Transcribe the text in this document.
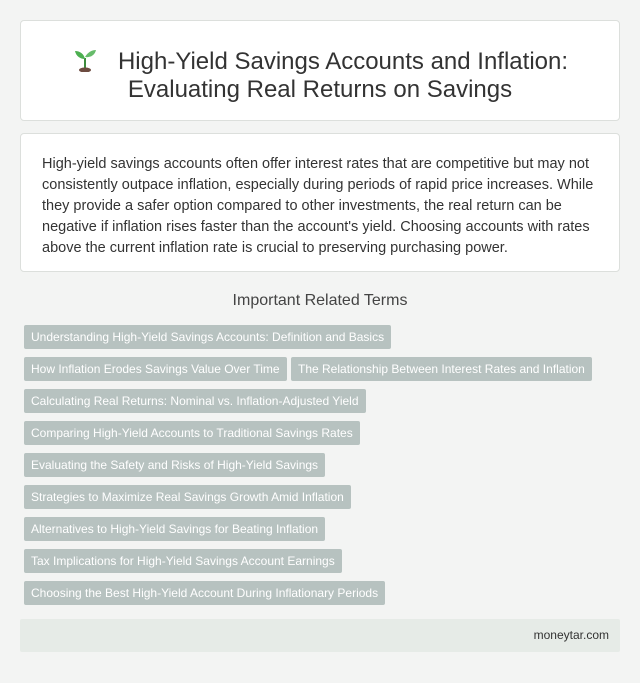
High-Yield Savings Accounts and Inflation:
Evaluating Real Returns on Savings

High-yield savings accounts often offer interest rates that are competitive but may not consistently outpace inflation, especially during periods of rapid price increases. While they provide a safer option compared to other investments, the real return can be negative if inflation rises faster than the account's yield. Choosing accounts with rates above the current inflation rate is crucial to preserving purchasing power.

Important Related Terms
Understanding High-Yield Savings Accounts: Definition and Basics
How Inflation Erodes Savings Value Over Time	The Relationship Between Interest Rates and Inflation
Calculating Real Returns: Nominal vs. Inflation-Adjusted Yield
Comparing High-Yield Accounts to Traditional Savings Rates
Evaluating the Safety and Risks of High-Yield Savings
Strategies to Maximize Real Savings Growth Amid Inflation
Alternatives to High-Yield Savings for Beating Inflation
Tax Implications for High-Yield Savings Account Earnings
Choosing the Best High-Yield Account During Inflationary Periods
moneytar.com
